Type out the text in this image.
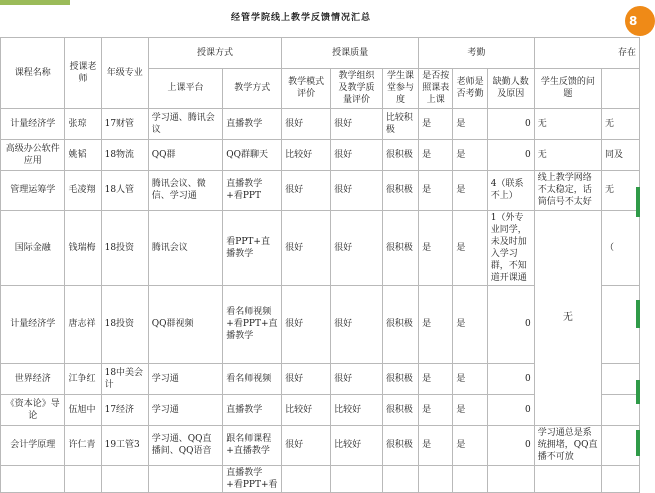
经管学院线上教学反馈情况汇总												
课程名称	授课老师	年级专业	授课方式		授课质量			考勤			存在	
			上课平台	教学方式	教学模式评价	教学组织及教学质量评价	学生课堂参与度	是否按照课表上课	老师是否考勤	缺勤人数及原因	学生反馈的问题	
计量经济学	张琼	17财管	学习通、腾讯会议	直播教学	很好	很好	比较积极	是	是	0	无	无
高级办公软件应用	姚韬	18物流	QQ群	QQ群聊天	比较好	很好	很积极	是	是	0	无	同及
管理运筹学	毛凌翔	18人管	腾讯会议、微信、学习通	直播教学+看PPT	很好	很好	很积极	是	是	4（联系不上）	线上教学网络不太稳定，话筒信号不太好	无
国际金融	钱瑞梅	18投资	腾讯会议	看PPT+直播教学	很好	很好	很积极	是	是	1（外专业同学，未及时加入学习群，不知道开课通	无	（
计量经济学	唐志祥	18投资	QQ群视频	看名师视频+看PPT+直播教学	很好	很好	很积极	是	是	0		
世界经济	江争红	18中美会计	学习通	看名师视频	很好	很好	很积极	是	是	0		
《资本论》导论	伍旭中	17经济	学习通	直播教学	比较好	比较好	很积极	是	是	0		
会计学原理	许仁青	19工管3	学习通、QQ直播间、QQ语音	跟名师课程+直播教学	很好	比较好	很积极	是	是	0	学习通总是系统拥堵，QQ直播不可放	
				直播教学+看PPT+看								
8
